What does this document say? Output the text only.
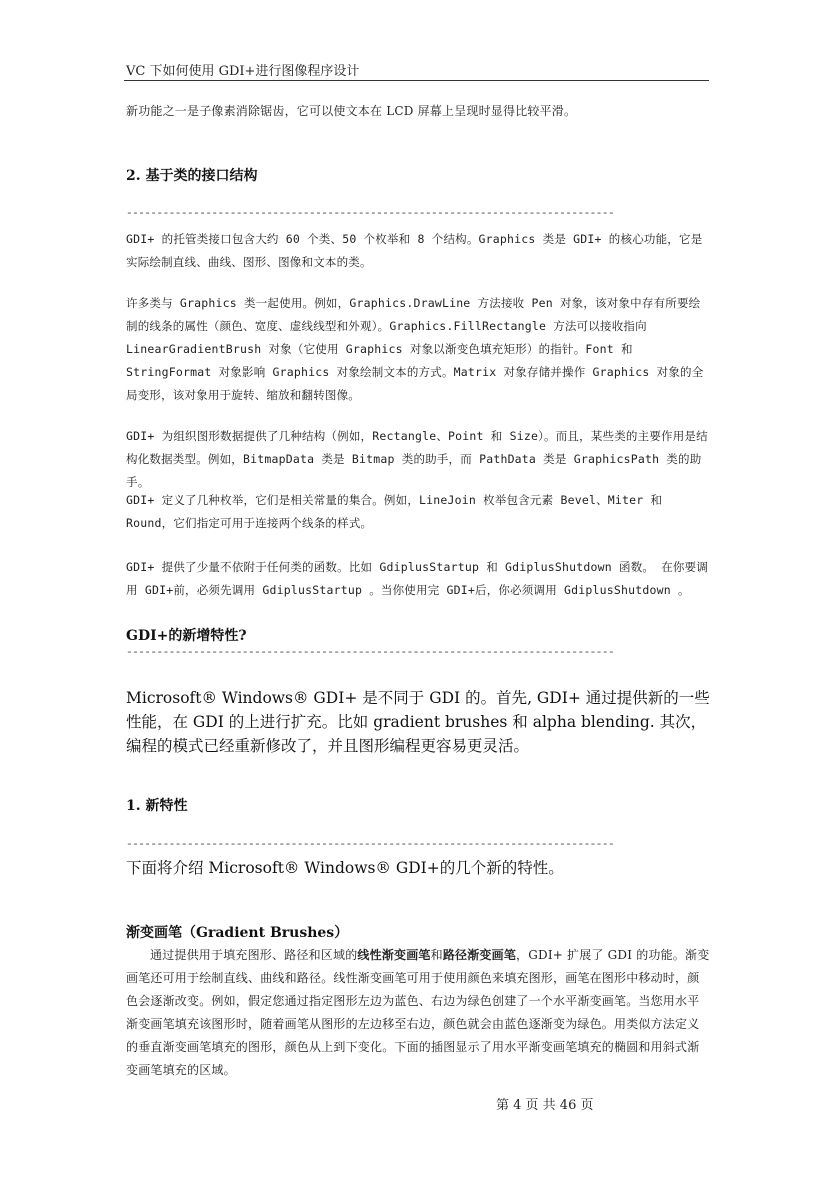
VC 下如何使用 GDI+进行图像程序设计
新功能之一是子像素消除锯齿，它可以使文本在 LCD 屏幕上呈现时显得比较平滑。
2. 基于类的接口结构
--------------------------------------------------------------------------------
GDI+ 的托管类接口包含大约 60 个类、50 个枚举和 8 个结构。Graphics 类是 GDI+ 的核心功能，它是实际绘制直线、曲线、图形、图像和文本的类。
许多类与 Graphics 类一起使用。例如，Graphics.DrawLine 方法接收 Pen 对象，该对象中存有所要绘制的线条的属性（颜色、宽度、虚线线型和外观）。Graphics.FillRectangle 方法可以接收指向 LinearGradientBrush 对象（它使用 Graphics 对象以渐变色填充矩形）的指针。Font 和 StringFormat 对象影响 Graphics 对象绘制文本的方式。Matrix 对象存储并操作 Graphics 对象的全局变形，该对象用于旋转、缩放和翻转图像。
GDI+ 为组织图形数据提供了几种结构（例如，Rectangle、Point 和 Size）。而且，某些类的主要作用是结构化数据类型。例如，BitmapData 类是 Bitmap 类的助手，而 PathData 类是 GraphicsPath 类的助手。
GDI+ 定义了几种枚举，它们是相关常量的集合。例如，LineJoin 枚举包含元素 Bevel、Miter 和 Round，它们指定可用于连接两个线条的样式。
GDI+ 提供了少量不依附于任何类的函数。比如 GdiplusStartup 和 GdiplusShutdown 函数。 在你要调用 GDI+前，必须先调用 GdiplusStartup 。当你使用完 GDI+后，你必须调用 GdiplusShutdown 。
GDI+的新增特性?
--------------------------------------------------------------------------------
Microsoft® Windows® GDI+ 是不同于 GDI 的。首先, GDI+ 通过提供新的一些性能，在 GDI 的上进行扩充。比如 gradient brushes 和 alpha blending. 其次，编程的模式已经重新修改了，并且图形编程更容易更灵活。
1. 新特性
--------------------------------------------------------------------------------
下面将介绍 Microsoft® Windows® GDI+的几个新的特性。
渐变画笔（Gradient Brushes）
通过提供用于填充图形、路径和区域的线性渐变画笔和路径渐变画笔，GDI+ 扩展了 GDI 的功能。渐变画笔还可用于绘制直线、曲线和路径。线性渐变画笔可用于使用颜色来填充图形，画笔在图形中移动时，颜色会逐渐改变。例如，假定您通过指定图形左边为蓝色、右边为绿色创建了一个水平渐变画笔。当您用水平渐变画笔填充该图形时，随着画笔从图形的左边移至右边，颜色就会由蓝色逐渐变为绿色。用类似方法定义的垂直渐变画笔填充的图形，颜色从上到下变化。下面的插图显示了用水平渐变画笔填充的椭圆和用斜式渐变画笔填充的区域。
第 4 页 共 46 页
